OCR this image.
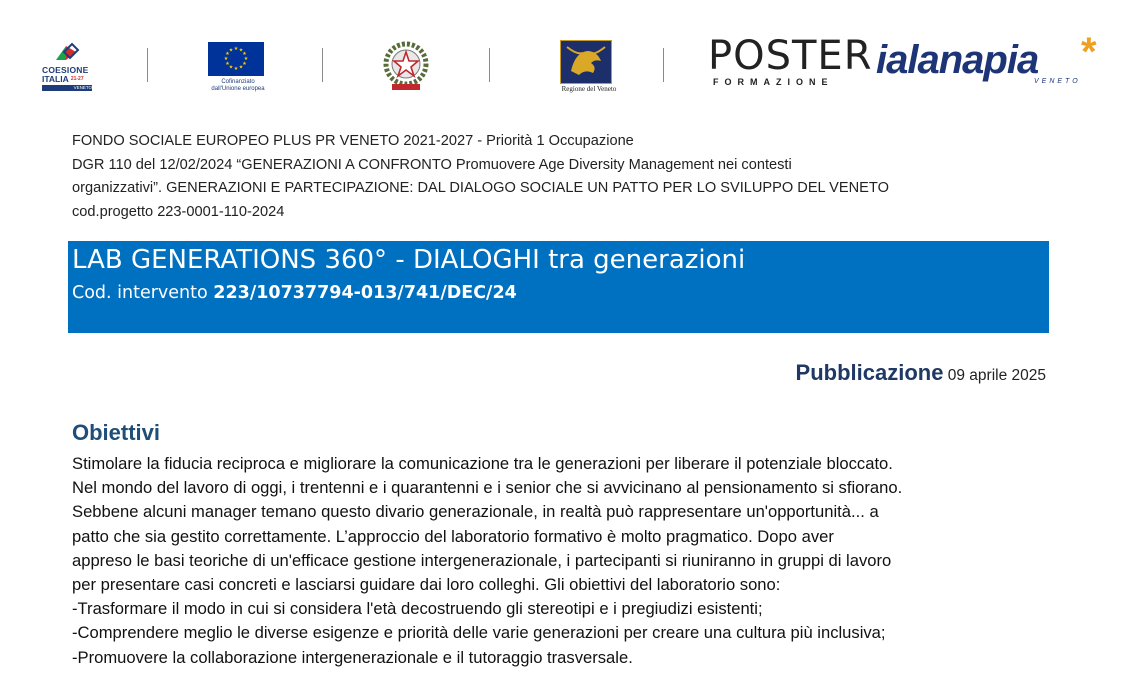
COESIONE
ITALIA $^{21-27}$
VENETO
★ ★
★
★
★
★
★
★
★
★
★
★
Cofinanziato
dall'Unione europea	Regione del Veneto
POSTER
FORMAZIONE ialanapia
VENETO
*
FONDO SOCIALE EUROPEO PLUS PR VENETO 2021-2027 - Priorità 1 Occupazione
DGR 110 del 12/02/2024 “GENERAZIONI A CONFRONTO Promuovere Age Diversity Management nei contesti
organizzativi”. GENERAZIONI E PARTECIPAZIONE: DAL DIALOGO SOCIALE UN PATTO PER LO SVILUPPO DEL VENETO
cod.progetto 223-0001-110-2024
LAB GENERATIONS 360° - DIALOGHI tra generazioni
Cod. intervento 223/10737794-013/741/DEC/24
Pubblicazione 09 aprile 2025
Obiettivi
Stimolare la fiducia reciproca e migliorare la comunicazione tra le generazioni per liberare il potenziale bloccato.
Nel mondo del lavoro di oggi, i trentenni e i quarantenni e i senior che si avvicinano al pensionamento si sfiorano.
Sebbene alcuni manager temano questo divario generazionale, in realtà può rappresentare un'opportunità... a
patto che sia gestito correttamente. L’approccio del laboratorio formativo è molto pragmatico. Dopo aver
appreso le basi teoriche di un'efficace gestione intergenerazionale, i partecipanti si riuniranno in gruppi di lavoro
per presentare casi concreti e lasciarsi guidare dai loro colleghi. Gli obiettivi del laboratorio sono:
-Trasformare il modo in cui si considera l'età decostruendo gli stereotipi e i pregiudizi esistenti;
-Comprendere meglio le diverse esigenze e priorità delle varie generazioni per creare una cultura più inclusiva;
-Promuovere la collaborazione intergenerazionale e il tutoraggio trasversale.
